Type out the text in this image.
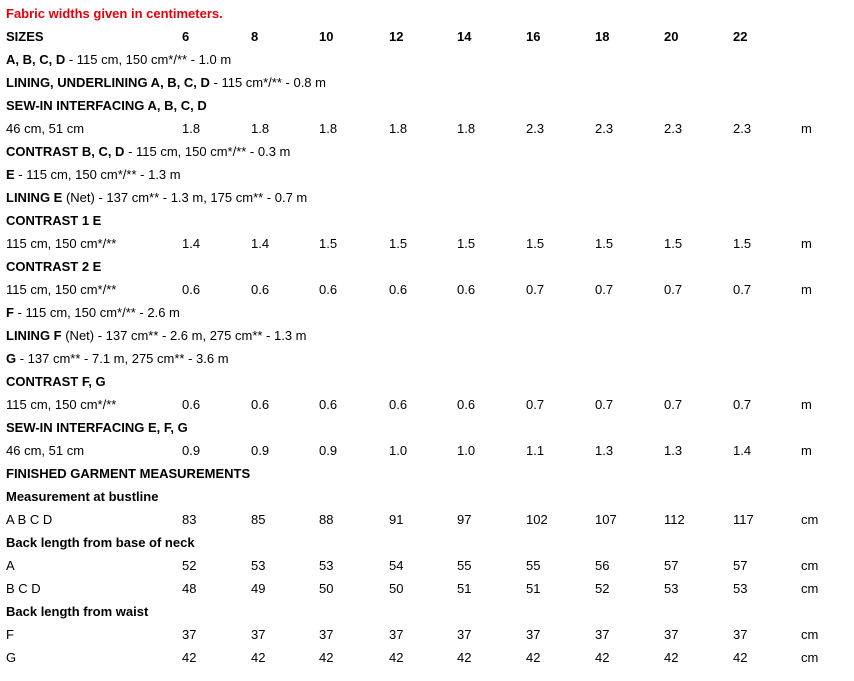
Fabric widths given in centimeters.
SIZES	6	8	10	12	14	16	18	20	22
A, B, C, D - 115 cm, 150 cm*/** - 1.0 m
LINING, UNDERLINING A, B, C, D - 115 cm*/** - 0.8 m
SEW-IN INTERFACING A, B, C, D
46 cm, 51 cm	1.8	1.8	1.8	1.8	1.8	2.3	2.3	2.3	2.3	m
CONTRAST B, C, D - 115 cm, 150 cm*/** - 0.3 m
E - 115 cm, 150 cm*/** - 1.3 m
LINING E (Net) - 137 cm** - 1.3 m, 175 cm** - 0.7 m
CONTRAST 1 E
115 cm, 150 cm*/**	1.4	1.4	1.5	1.5	1.5	1.5	1.5	1.5	1.5	m
CONTRAST 2 E
115 cm, 150 cm*/**	0.6	0.6	0.6	0.6	0.6	0.7	0.7	0.7	0.7	m
F - 115 cm, 150 cm*/** - 2.6 m
LINING F (Net) - 137 cm** - 2.6 m, 275 cm** - 1.3 m
G - 137 cm** - 7.1 m, 275 cm** - 3.6 m
CONTRAST F, G
115 cm, 150 cm*/**	0.6	0.6	0.6	0.6	0.6	0.7	0.7	0.7	0.7	m
SEW-IN INTERFACING E, F, G
46 cm, 51 cm	0.9	0.9	0.9	1.0	1.0	1.1	1.3	1.3	1.4	m
FINISHED GARMENT MEASUREMENTS
Measurement at bustline
A B C D	83	85	88	91	97	102	107	112	117	cm
Back length from base of neck
A	52	53	53	54	55	55	56	57	57	cm
B C D	48	49	50	50	51	51	52	53	53	cm
Back length from waist
F	37	37	37	37	37	37	37	37	37	cm
G	42	42	42	42	42	42	42	42	42	cm
